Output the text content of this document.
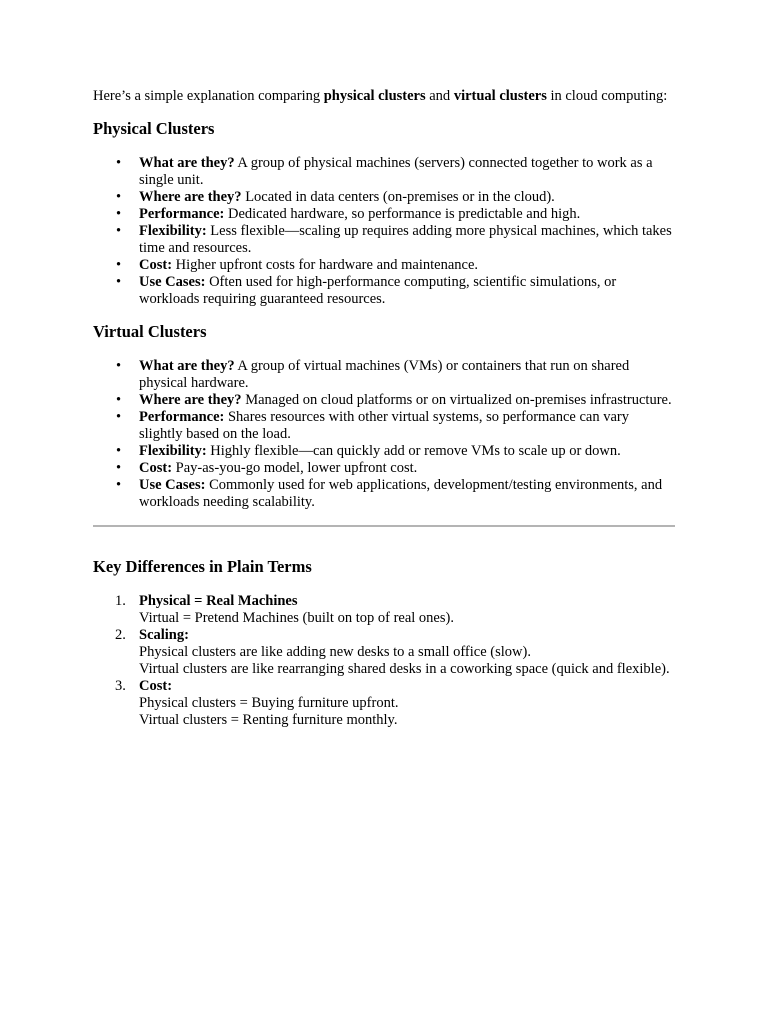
Here’s a simple explanation comparing physical clusters and virtual clusters in cloud computing:

Physical Clusters
• What are they? A group of physical machines (servers) connected together to work as a single unit.
• Where are they? Located in data centers (on-premises or in the cloud).
• Performance: Dedicated hardware, so performance is predictable and high.
• Flexibility: Less flexible—scaling up requires adding more physical machines, which takes time and resources.
• Cost: Higher upfront costs for hardware and maintenance.
• Use Cases: Often used for high-performance computing, scientific simulations, or workloads requiring guaranteed resources.
Virtual Clusters
• What are they? A group of virtual machines (VMs) or containers that run on shared physical hardware.
• Where are they? Managed on cloud platforms or on virtualized on-premises infrastructure.
• Performance: Shares resources with other virtual systems, so performance can vary slightly based on the load.
• Flexibility: Highly flexible—can quickly add or remove VMs to scale up or down.
• Cost: Pay-as-you-go model, lower upfront cost.
• Use Cases: Commonly used for web applications, development/testing environments, and workloads needing scalability.
Key Differences in Plain Terms
1. Physical = Real Machines
Virtual = Pretend Machines (built on top of real ones).
2. Scaling:
Physical clusters are like adding new desks to a small office (slow).
Virtual clusters are like rearranging shared desks in a coworking space (quick and flexible).
3. Cost:
Physical clusters = Buying furniture upfront.
Virtual clusters = Renting furniture monthly.
